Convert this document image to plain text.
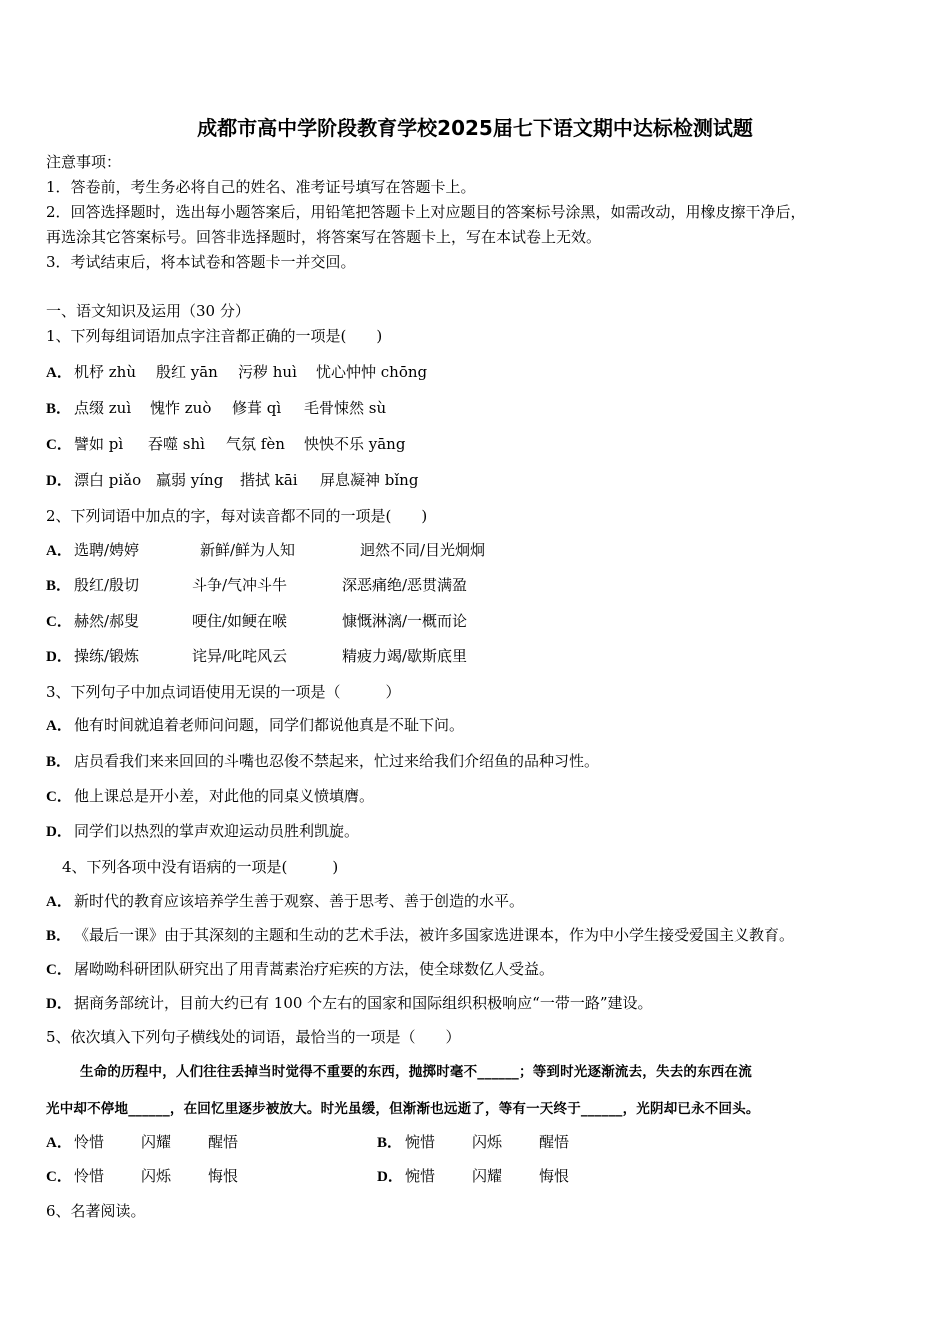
成都市高中学阶段教育学校2025届七下语文期中达标检测试题
注意事项：
1．答卷前，考生务必将自己的姓名、准考证号填写在答题卡上。
2．回答选择题时，选出每小题答案后，用铅笔把答题卡上对应题目的答案标号涂黑，如需改动，用橡皮擦干净后，
再选涂其它答案标号。回答非选择题时，将答案写在答题卡上，写在本试卷上无效。
3．考试结束后，将本试卷和答题卡一并交回。
一、语文知识及运用（30 分）
1、下列每组词语加点字注音都正确的一项是(　　)
A． 机杼 zhù 殷红 yān 污秽 huì 忧心忡忡 chōng
B． 点缀 zuì 愧怍 zuò 修葺 qì 毛骨悚然 sù
C． 譬如 pì 吞噬 shì 气氛 fèn 怏怏不乐 yāng
D． 漂白 piǎo 羸弱 yíng 揩拭 kāi 屏息凝神 bǐng
2、下列词语中加点的字，每对读音都不同的一项是(　　)
A． 选聘/娉婷	新鲜/鲜为人知	迥然不同/目光炯炯
B． 殷红/殷切	斗争/气冲斗牛	深恶痛绝/恶贯满盈
C． 赫然/郝叟	哽住/如鲠在喉	慷慨淋漓/一概而论
D． 操练/锻炼	诧异/叱咤风云	精疲力竭/歇斯底里
3、下列句子中加点词语使用无误的一项是（　　　）
A． 他有时间就追着老师问问题，同学们都说他真是不耻下问。
B． 店员看我们来来回回的斗嘴也忍俊不禁起来，忙过来给我们介绍鱼的品种习性。
C． 他上课总是开小差，对此他的同桌义愤填膺。
D． 同学们以热烈的掌声欢迎运动员胜利凯旋。
4、下列各项中没有语病的一项是(　　　)
A． 新时代的教育应该培养学生善于观察、善于思考、善于创造的水平。
B． 《最后一课》由于其深刻的主题和生动的艺术手法，被许多国家选进课本，作为中小学生接受爱国主义教育。
C． 屠呦呦科研团队研究出了用青蒿素治疗疟疾的方法，使全球数亿人受益。
D． 据商务部统计，目前大约已有 100 个左右的国家和国际组织积极响应“一带一路”建设。
5、依次填入下列句子横线处的词语，最恰当的一项是（　　）
生命的历程中，人们往往丢掉当时觉得不重要的东西，抛掷时毫不______；等到时光逐渐流去，失去的东西在流
光中却不停地______，在回忆里逐步被放大。时光虽缓，但渐渐也远逝了，等有一天终于______，光阴却已永不回头。
A． 怜惜 闪耀 醒悟	B． 惋惜 闪烁 醒悟
C． 怜惜 闪烁 悔恨	D． 惋惜 闪耀 悔恨
6、名著阅读。
